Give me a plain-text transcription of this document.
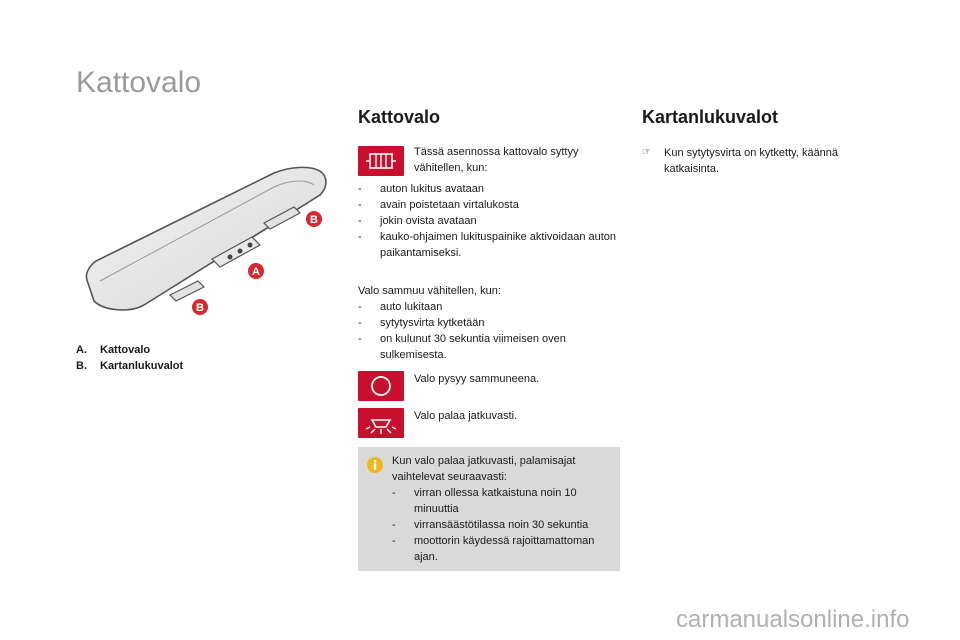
Kattovalo
B
A
B
A. Kattovalo
B. Kartanlukuvalot
Kattovalo
Tässä asennossa kattovalo syttyy vähitellen, kun:
- auton lukitus avataan
- avain poistetaan virtalukosta
- jokin ovista avataan
- kauko-ohjaimen lukituspainike aktivoidaan auton paikantamiseksi.
Valo sammuu vähitellen, kun:
- auto lukitaan
- sytytysvirta kytketään
- on kulunut 30 sekuntia viimeisen oven sulkemisesta.
Valo pysyy sammuneena.
Valo palaa jatkuvasti.
Kun valo palaa jatkuvasti, palamisajat vaihtelevat seuraavasti:
- virran ollessa katkaistuna noin 10 minuuttia
- virransäästötilassa noin 30 sekuntia
- moottorin käydessä rajoittamattoman ajan.
Kartanlukuvalot
☞	Kun sytytysvirta on kytketty, käännä katkaisinta.
carmanualsonline.info
